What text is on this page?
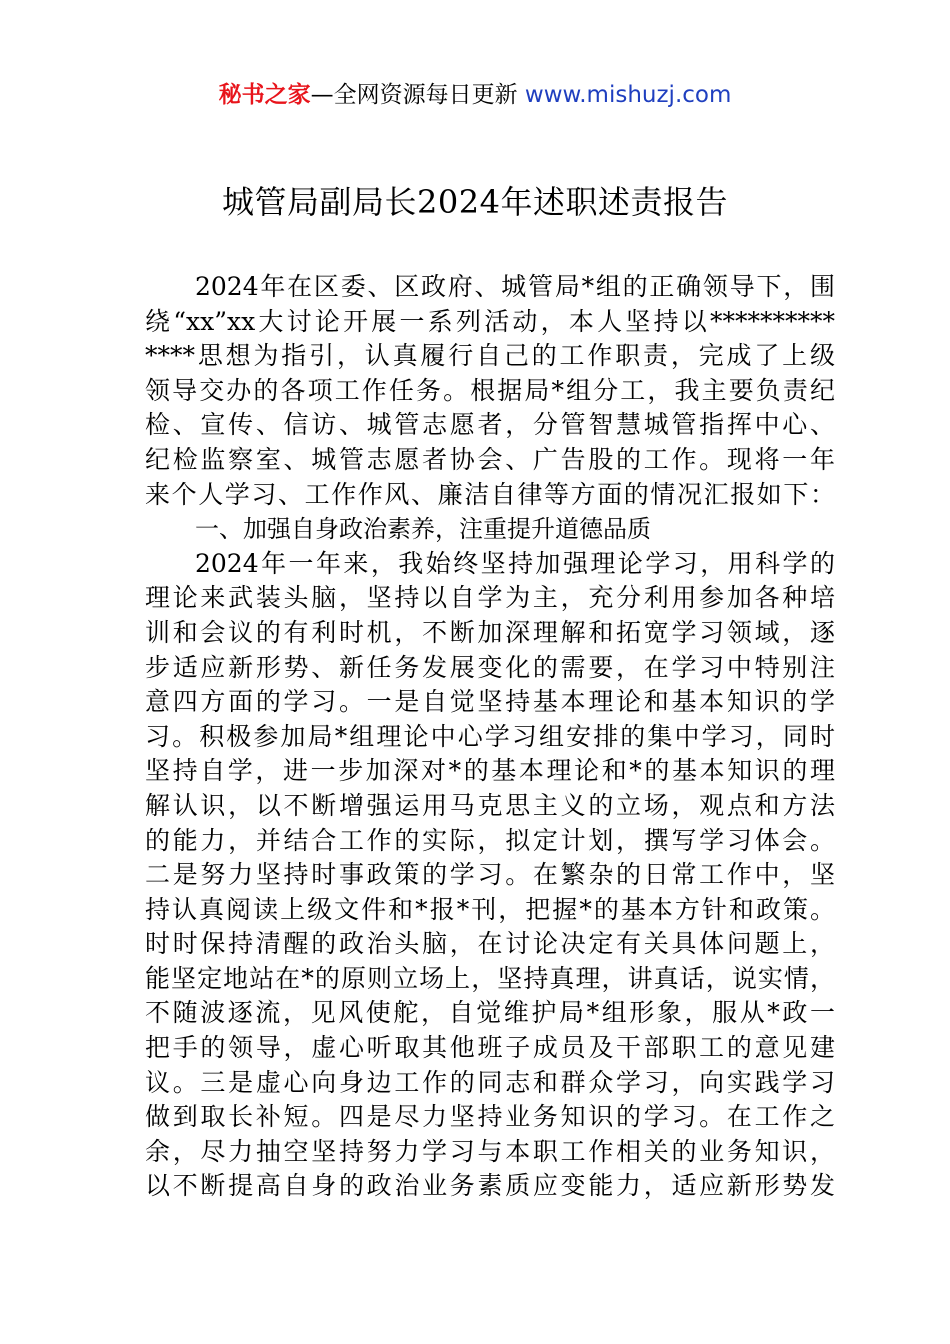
秘书之家—全网资源每日更新 www.mishuzj.com
城管局副局长2024年述职述责报告
2024年在区委、区政府、城管局*组的正确领导下，围
绕“xx”xx大讨论开展一系列活动，本人坚持以**********
****思想为指引，认真履行自己的工作职责，完成了上级
领导交办的各项工作任务。根据局*组分工，我主要负责纪
检、宣传、信访、城管志愿者，分管智慧城管指挥中心、
纪检监察室、城管志愿者协会、广告股的工作。现将一年
来个人学习、工作作风、廉洁自律等方面的情况汇报如下：
一、加强自身政治素养，注重提升道德品质
2024年一年来，我始终坚持加强理论学习，用科学的
理论来武装头脑，坚持以自学为主，充分利用参加各种培
训和会议的有利时机，不断加深理解和拓宽学习领域，逐
步适应新形势、新任务发展变化的需要，在学习中特别注
意四方面的学习。一是自觉坚持基本理论和基本知识的学
习。积极参加局*组理论中心学习组安排的集中学习，同时
坚持自学，进一步加深对*的基本理论和*的基本知识的理
解认识，以不断增强运用马克思主义的立场，观点和方法
的能力，并结合工作的实际，拟定计划，撰写学习体会。
二是努力坚持时事政策的学习。在繁杂的日常工作中，坚
持认真阅读上级文件和*报*刊，把握*的基本方针和政策。
时时保持清醒的政治头脑，在讨论决定有关具体问题上，
能坚定地站在*的原则立场上，坚持真理，讲真话，说实情，
不随波逐流，见风使舵，自觉维护局*组形象，服从*政一
把手的领导，虚心听取其他班子成员及干部职工的意见建
议。三是虚心向身边工作的同志和群众学习，向实践学习
做到取长补短。四是尽力坚持业务知识的学习。在工作之
余，尽力抽空坚持努力学习与本职工作相关的业务知识，
以不断提高自身的政治业务素质应变能力，适应新形势发
